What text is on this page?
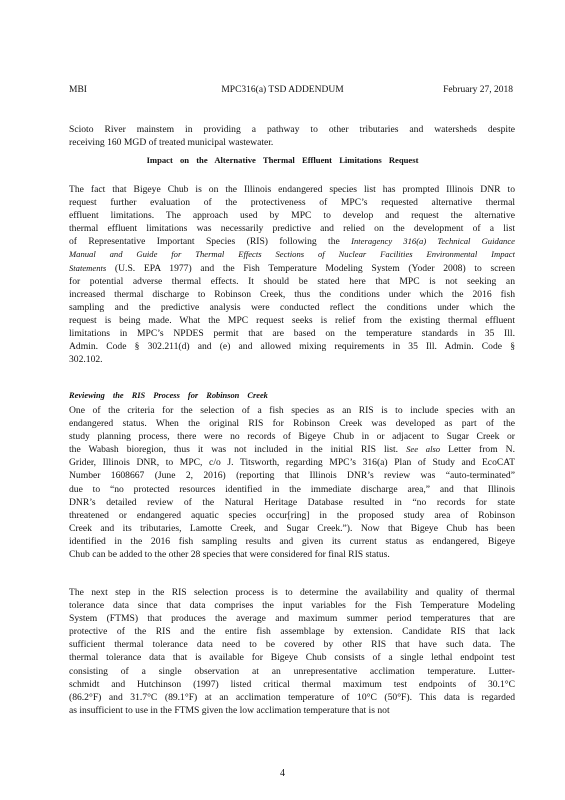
MBI	MPC316(a) TSD ADDENDUM	February 27, 2018
Scioto River mainstem in providing a pathway to other tributaries and watersheds despite
receiving 160 MGD of treated municipal wastewater.
Impact on the Alternative Thermal Effluent Limitations Request
The fact that Bigeye Chub is on the Illinois endangered species list has prompted Illinois DNR to
request further evaluation of the protectiveness of MPC’s requested alternative thermal
effluent limitations. The approach used by MPC to develop and request the alternative
thermal effluent limitations was necessarily predictive and relied on the development of a list
of Representative Important Species (RIS) following the Interagency 316(a) Technical Guidance
Manual and Guide for Thermal Effects Sections of Nuclear Facilities Environmental Impact
Statements (U.S. EPA 1977) and the Fish Temperature Modeling System (Yoder 2008) to screen
for potential adverse thermal effects. It should be stated here that MPC is not seeking an
increased thermal discharge to Robinson Creek, thus the conditions under which the 2016 fish
sampling and the predictive analysis were conducted reflect the conditions under which the
request is being made. What the MPC request seeks is relief from the existing thermal effluent
limitations in MPC’s NPDES permit that are based on the temperature standards in 35 Ill.
Admin. Code § 302.211(d) and (e) and allowed mixing requirements in 35 Ill. Admin. Code §
302.102.
Reviewing the RIS Process for Robinson Creek
One of the criteria for the selection of a fish species as an RIS is to include species with an
endangered status. When the original RIS for Robinson Creek was developed as part of the
study planning process, there were no records of Bigeye Chub in or adjacent to Sugar Creek or
the Wabash bioregion, thus it was not included in the initial RIS list. See also Letter from N.
Grider, Illinois DNR, to MPC, c/o J. Titsworth, regarding MPC’s 316(a) Plan of Study and EcoCAT
Number 1608667 (June 2, 2016) (reporting that Illinois DNR’s review was “auto-terminated”
due to “no protected resources identified in the immediate discharge area,” and that Illinois
DNR’s detailed review of the Natural Heritage Database resulted in “no records for state
threatened or endangered aquatic species occur[ring] in the proposed study area of Robinson
Creek and its tributaries, Lamotte Creek, and Sugar Creek.”). Now that Bigeye Chub has been
identified in the 2016 fish sampling results and given its current status as endangered, Bigeye
Chub can be added to the other 28 species that were considered for final RIS status.
The next step in the RIS selection process is to determine the availability and quality of thermal
tolerance data since that data comprises the input variables for the Fish Temperature Modeling
System (FTMS) that produces the average and maximum summer period temperatures that are
protective of the RIS and the entire fish assemblage by extension. Candidate RIS that lack
sufficient thermal tolerance data need to be covered by other RIS that have such data. The
thermal tolerance data that is available for Bigeye Chub consists of a single lethal endpoint test
consisting of a single observation at an unrepresentative acclimation temperature. Lutter-
schmidt and Hutchinson (1997) listed critical thermal maximum test endpoints of 30.1°C
(86.2°F) and 31.7°C (89.1°F) at an acclimation temperature of 10°C (50°F). This data is regarded
as insufficient to use in the FTMS given the low acclimation temperature that is not
4
